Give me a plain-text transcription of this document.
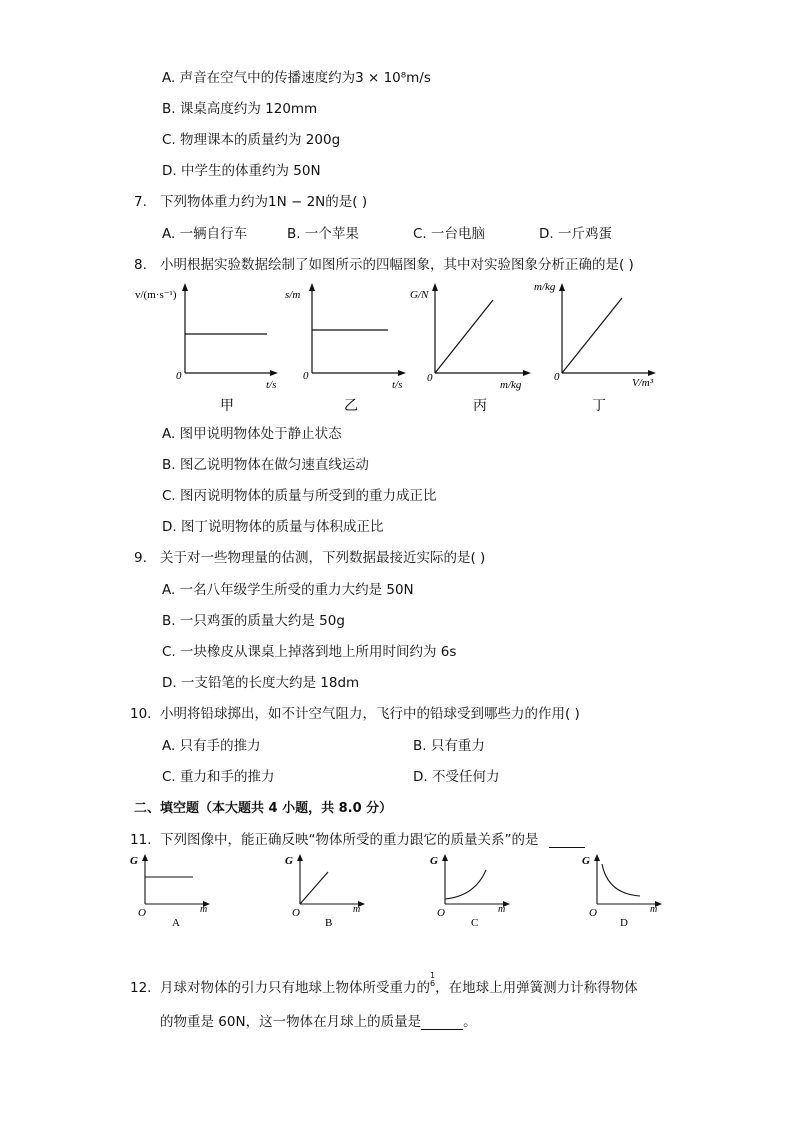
A. 声音在空气中的传播速度约为3 × 10⁸m/s
B. 课桌高度约为 120mm
C. 物理课本的质量约为 200g
D. 中学生的体重约为 50N
7. 下列物体重力约为1N − 2N的是( )
A. 一辆自行车	B. 一个苹果	C. 一台电脑	D. 一斤鸡蛋
8. 小明根据实验数据绘制了如图所示的四幅图象，其中对实验图象分析正确的是( )
v/(m·s⁻¹)
t/s
0
s/m
t/s
0
G/N
m/kg
0
m/kg
V/m³
0
甲	乙	丙	丁
A. 图甲说明物体处于静止状态
B. 图乙说明物体在做匀速直线运动
C. 图丙说明物体的质量与所受到的重力成正比
D. 图丁说明物体的质量与体积成正比
9. 关于对一些物理量的估测，下列数据最接近实际的是( )
A. 一名八年级学生所受的重力大约是 50N
B. 一只鸡蛋的质量大约是 50g
C. 一块橡皮从课桌上掉落到地上所用时间约为 6s
D. 一支铅笔的长度大约是 18dm
10. 小明将铅球掷出，如不计空气阻力，飞行中的铅球受到哪些力的作用( )
A. 只有手的推力	B. 只有重力
C. 重力和手的推力	D. 不受任何力
二、填空题（本大题共 4 小题，共 8.0 分）
11. 下列图像中，能正确反映“物体所受的重力跟它的质量关系”的是
G
m
O
A
G
m
O
B
G
m
O
C
G
m
O
D
12. 月球对物体的引力只有地球上物体所受重力的1
6，在地球上用弹簧测力计称得物体
的物重是 60N，这一物体在月球上的质量是	。
